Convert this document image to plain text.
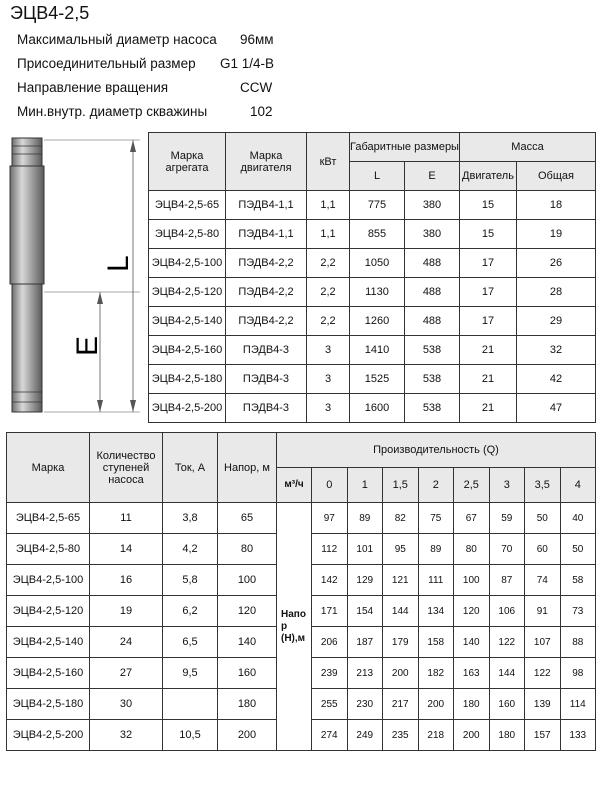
ЭЦВ4-2,5
Максимальный диаметр насоса 96мм
Присоединительный размер G1 1/4-В
Направление вращения	CCW
Мин.внутр. диаметр скважины	102
L
E
Марка агрегата	Марка двигателя	кВт	Габаритные размеры		Масса	
			L	E	Двигатель	Общая
ЭЦВ4-2,5-65	ПЭДВ4-1,1	1,1	775	380	15	18
ЭЦВ4-2,5-80	ПЭДВ4-1,1	1,1	855	380	15	19
ЭЦВ4-2,5-100	ПЭДВ4-2,2	2,2	1050	488	17	26
ЭЦВ4-2,5-120	ПЭДВ4-2,2	2,2	1130	488	17	28
ЭЦВ4-2,5-140	ПЭДВ4-2,2	2,2	1260	488	17	29
ЭЦВ4-2,5-160	ПЭДВ4-3	3	1410	538	21	32
ЭЦВ4-2,5-180	ПЭДВ4-3	3	1525	538	21	42
ЭЦВ4-2,5-200	ПЭДВ4-3	3	1600	538	21	47
Марка	Количество ступеней насоса	Ток, А	Напор, м	Производительность (Q)								
				м³/ч	0	1	1,5	2	2,5	3	3,5	4
ЭЦВ4-2,5-65	11	3,8	65	Напо р (Н),м	97	89	82	75	67	59	50	40
ЭЦВ4-2,5-80	14	4,2	80		112	101	95	89	80	70	60	50
ЭЦВ4-2,5-100	16	5,8	100		142	129	121	111	100	87	74	58
ЭЦВ4-2,5-120	19	6,2	120		171	154	144	134	120	106	91	73
ЭЦВ4-2,5-140	24	6,5	140		206	187	179	158	140	122	107	88
ЭЦВ4-2,5-160	27	9,5	160		239	213	200	182	163	144	122	98
ЭЦВ4-2,5-180	30		180		255	230	217	200	180	160	139	114
ЭЦВ4-2,5-200	32	10,5	200		274	249	235	218	200	180	157	133
